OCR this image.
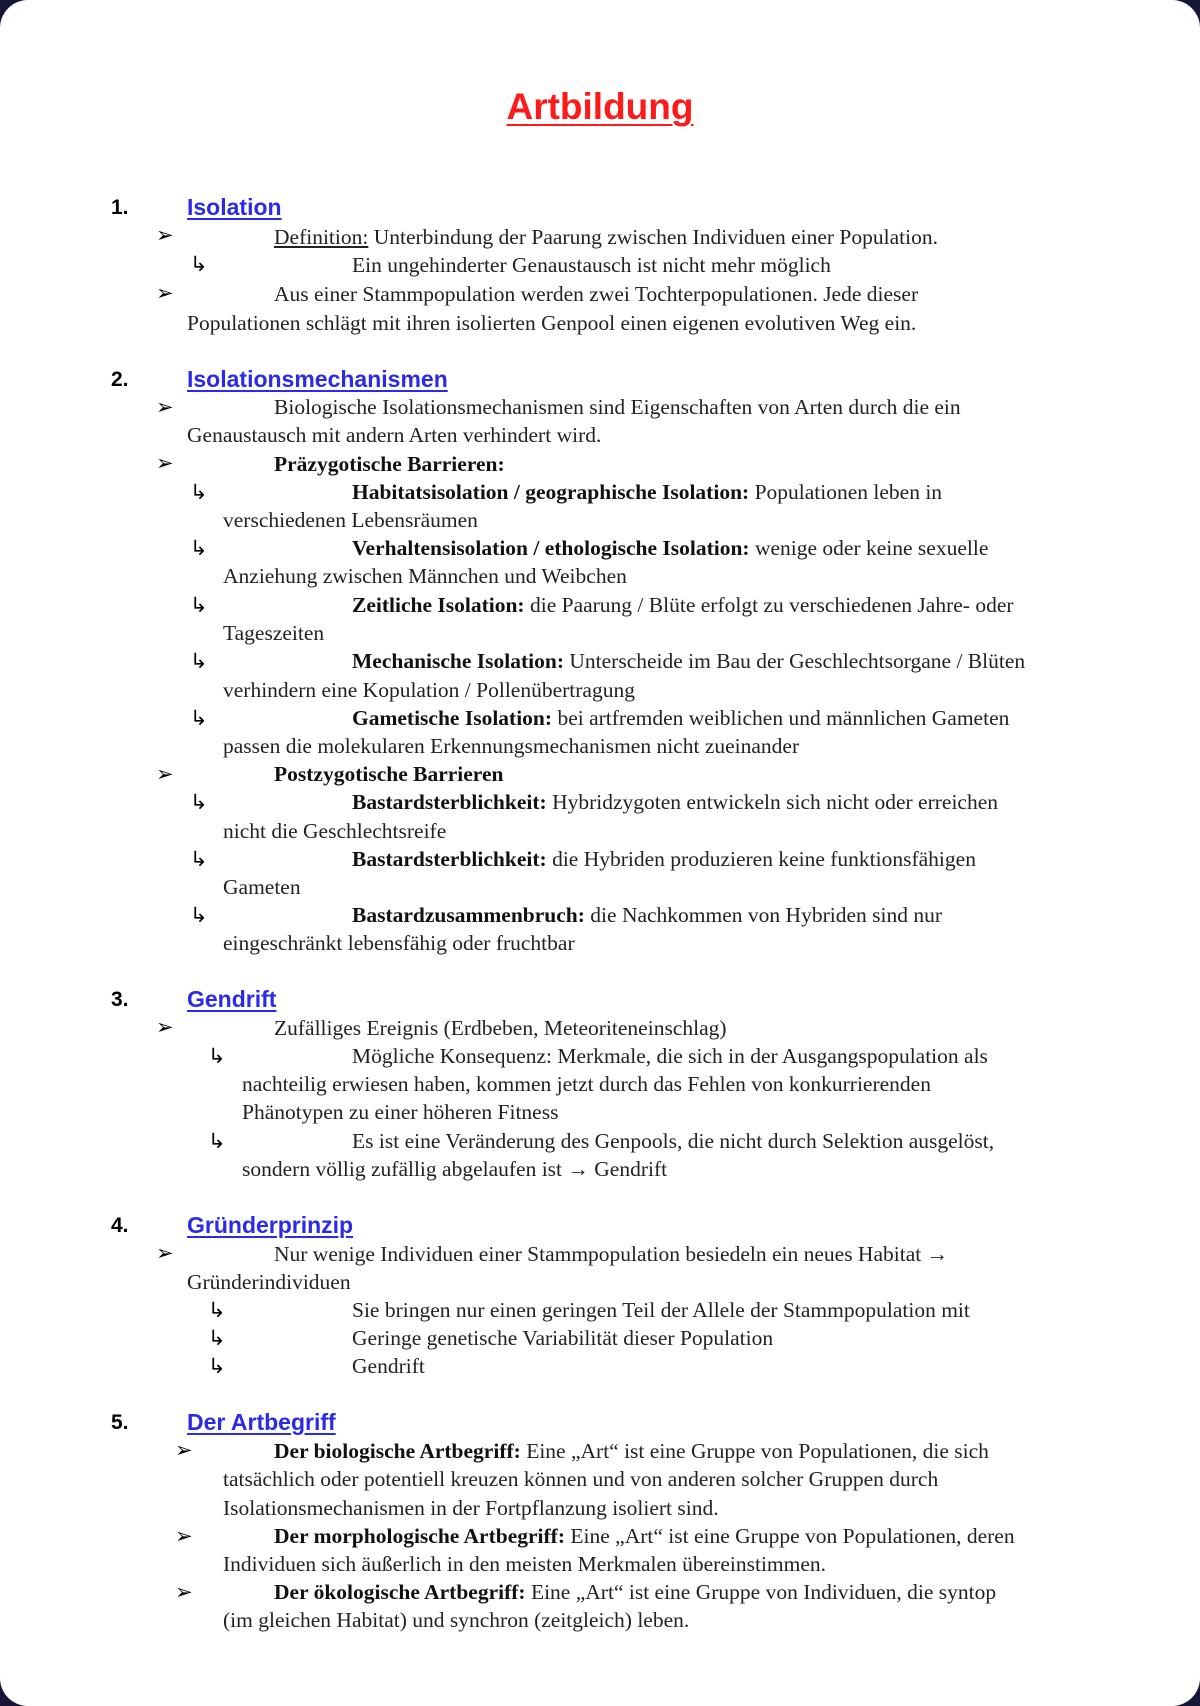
Artbildung
1.	Isolation
➢	Definition: Unterbindung der Paarung zwischen Individuen einer Population.
↳	Ein ungehinderter Genaustausch ist nicht mehr möglich
➢	Aus einer Stammpopulation werden zwei Tochterpopulationen. Jede dieser
Populationen schlägt mit ihren isolierten Genpool einen eigenen evolutiven Weg ein.
2.	Isolationsmechanismen
➢	Biologische Isolationsmechanismen sind Eigenschaften von Arten durch die ein
Genaustausch mit andern Arten verhindert wird.
➢	Präzygotische Barrieren:
↳	Habitatsisolation / geographische Isolation: Populationen leben in
verschiedenen Lebensräumen
↳	Verhaltensisolation / ethologische Isolation: wenige oder keine sexuelle
Anziehung zwischen Männchen und Weibchen
↳	Zeitliche Isolation: die Paarung / Blüte erfolgt zu verschiedenen Jahre- oder
Tageszeiten
↳	Mechanische Isolation: Unterscheide im Bau der Geschlechtsorgane / Blüten
verhindern eine Kopulation / Pollenübertragung
↳	Gametische Isolation: bei artfremden weiblichen und männlichen Gameten
passen die molekularen Erkennungsmechanismen nicht zueinander
➢	Postzygotische Barrieren
↳	Bastardsterblichkeit: Hybridzygoten entwickeln sich nicht oder erreichen
nicht die Geschlechtsreife
↳	Bastardsterblichkeit: die Hybriden produzieren keine funktionsfähigen
Gameten
↳	Bastardzusammenbruch: die Nachkommen von Hybriden sind nur
eingeschränkt lebensfähig oder fruchtbar
3.	Gendrift
➢	Zufälliges Ereignis (Erdbeben, Meteoriteneinschlag)
↳	Mögliche Konsequenz: Merkmale, die sich in der Ausgangspopulation als
nachteilig erwiesen haben, kommen jetzt durch das Fehlen von konkurrierenden
Phänotypen zu einer höheren Fitness
↳	Es ist eine Veränderung des Genpools, die nicht durch Selektion ausgelöst,
sondern völlig zufällig abgelaufen ist → Gendrift
4.	Gründerprinzip
➢	Nur wenige Individuen einer Stammpopulation besiedeln ein neues Habitat →
Gründerindividuen
↳	Sie bringen nur einen geringen Teil der Allele der Stammpopulation mit
↳	Geringe genetische Variabilität dieser Population
↳	Gendrift
5.	Der Artbegriff
➢	Der biologische Artbegriff: Eine „Art“ ist eine Gruppe von Populationen, die sich
tatsächlich oder potentiell kreuzen können und von anderen solcher Gruppen durch
Isolationsmechanismen in der Fortpflanzung isoliert sind.
➢	Der morphologische Artbegriff: Eine „Art“ ist eine Gruppe von Populationen, deren
Individuen sich äußerlich in den meisten Merkmalen übereinstimmen.
➢	Der ökologische Artbegriff: Eine „Art“ ist eine Gruppe von Individuen, die syntop
(im gleichen Habitat) und synchron (zeitgleich) leben.
